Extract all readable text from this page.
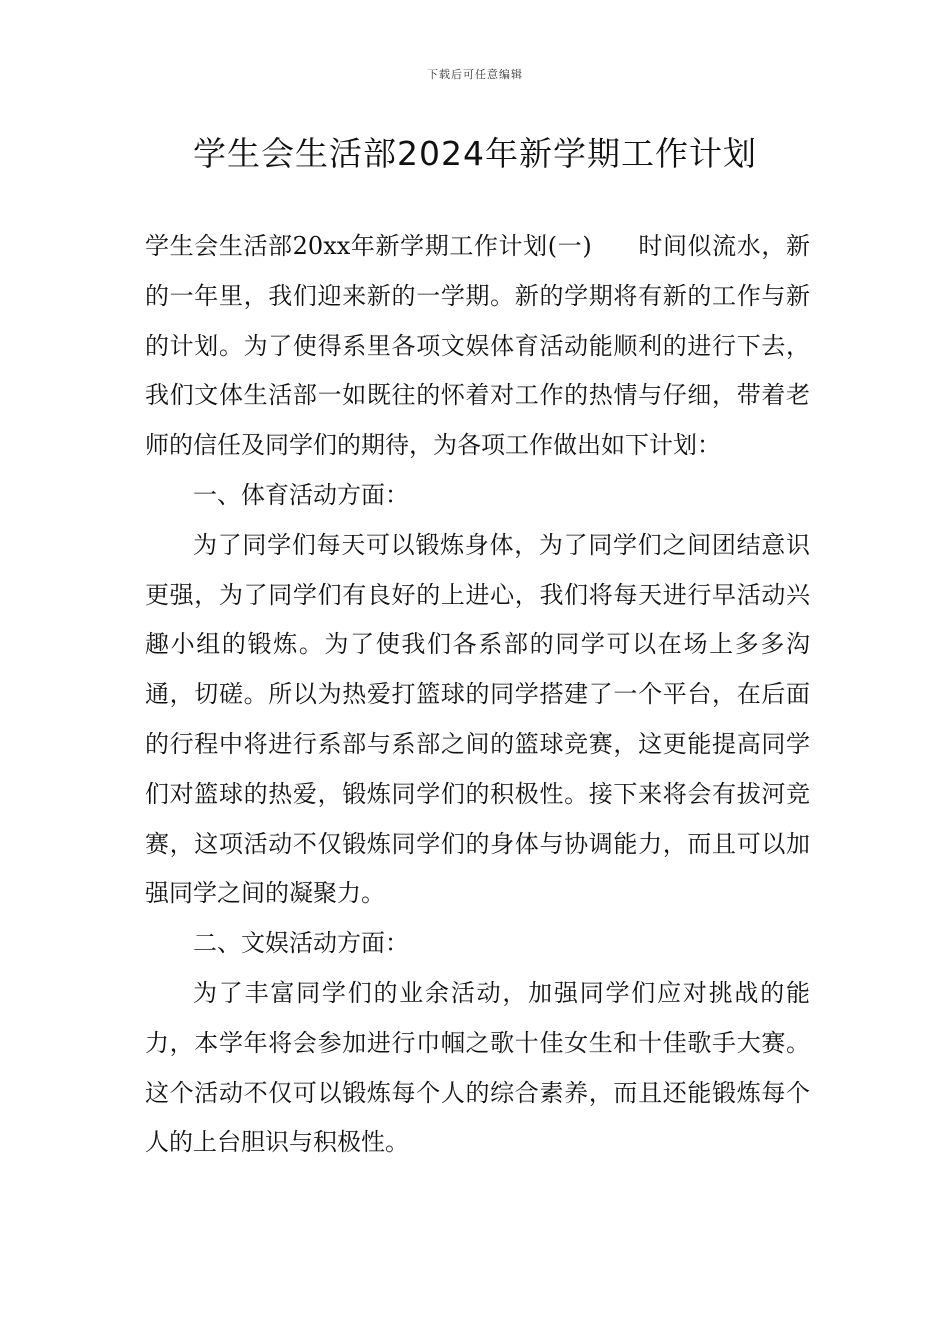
下载后可任意编辑
学生会生活部2024年新学期工作计划

学生会生活部20xx年新学期工作计划(一) 时间似流水，新的一年里，我们迎来新的一学期。新的学期将有新的工作与新的计划。为了使得系里各项文娱体育活动能顺利的进行下去，我们文体生活部一如既往的怀着对工作的热情与仔细，带着老师的信任及同学们的期待，为各项工作做出如下计划：

一、体育活动方面：

为了同学们每天可以锻炼身体，为了同学们之间团结意识更强，为了同学们有良好的上进心，我们将每天进行早活动兴趣小组的锻炼。为了使我们各系部的同学可以在场上多多沟通，切磋。所以为热爱打篮球的同学搭建了一个平台，在后面的行程中将进行系部与系部之间的篮球竞赛，这更能提高同学们对篮球的热爱，锻炼同学们的积极性。接下来将会有拔河竞赛，这项活动不仅锻炼同学们的身体与协调能力，而且可以加强同学之间的凝聚力。

二、文娱活动方面：

为了丰富同学们的业余活动，加强同学们应对挑战的能力，本学年将会参加进行巾帼之歌十佳女生和十佳歌手大赛。这个活动不仅可以锻炼每个人的综合素养，而且还能锻炼每个人的上台胆识与积极性。
